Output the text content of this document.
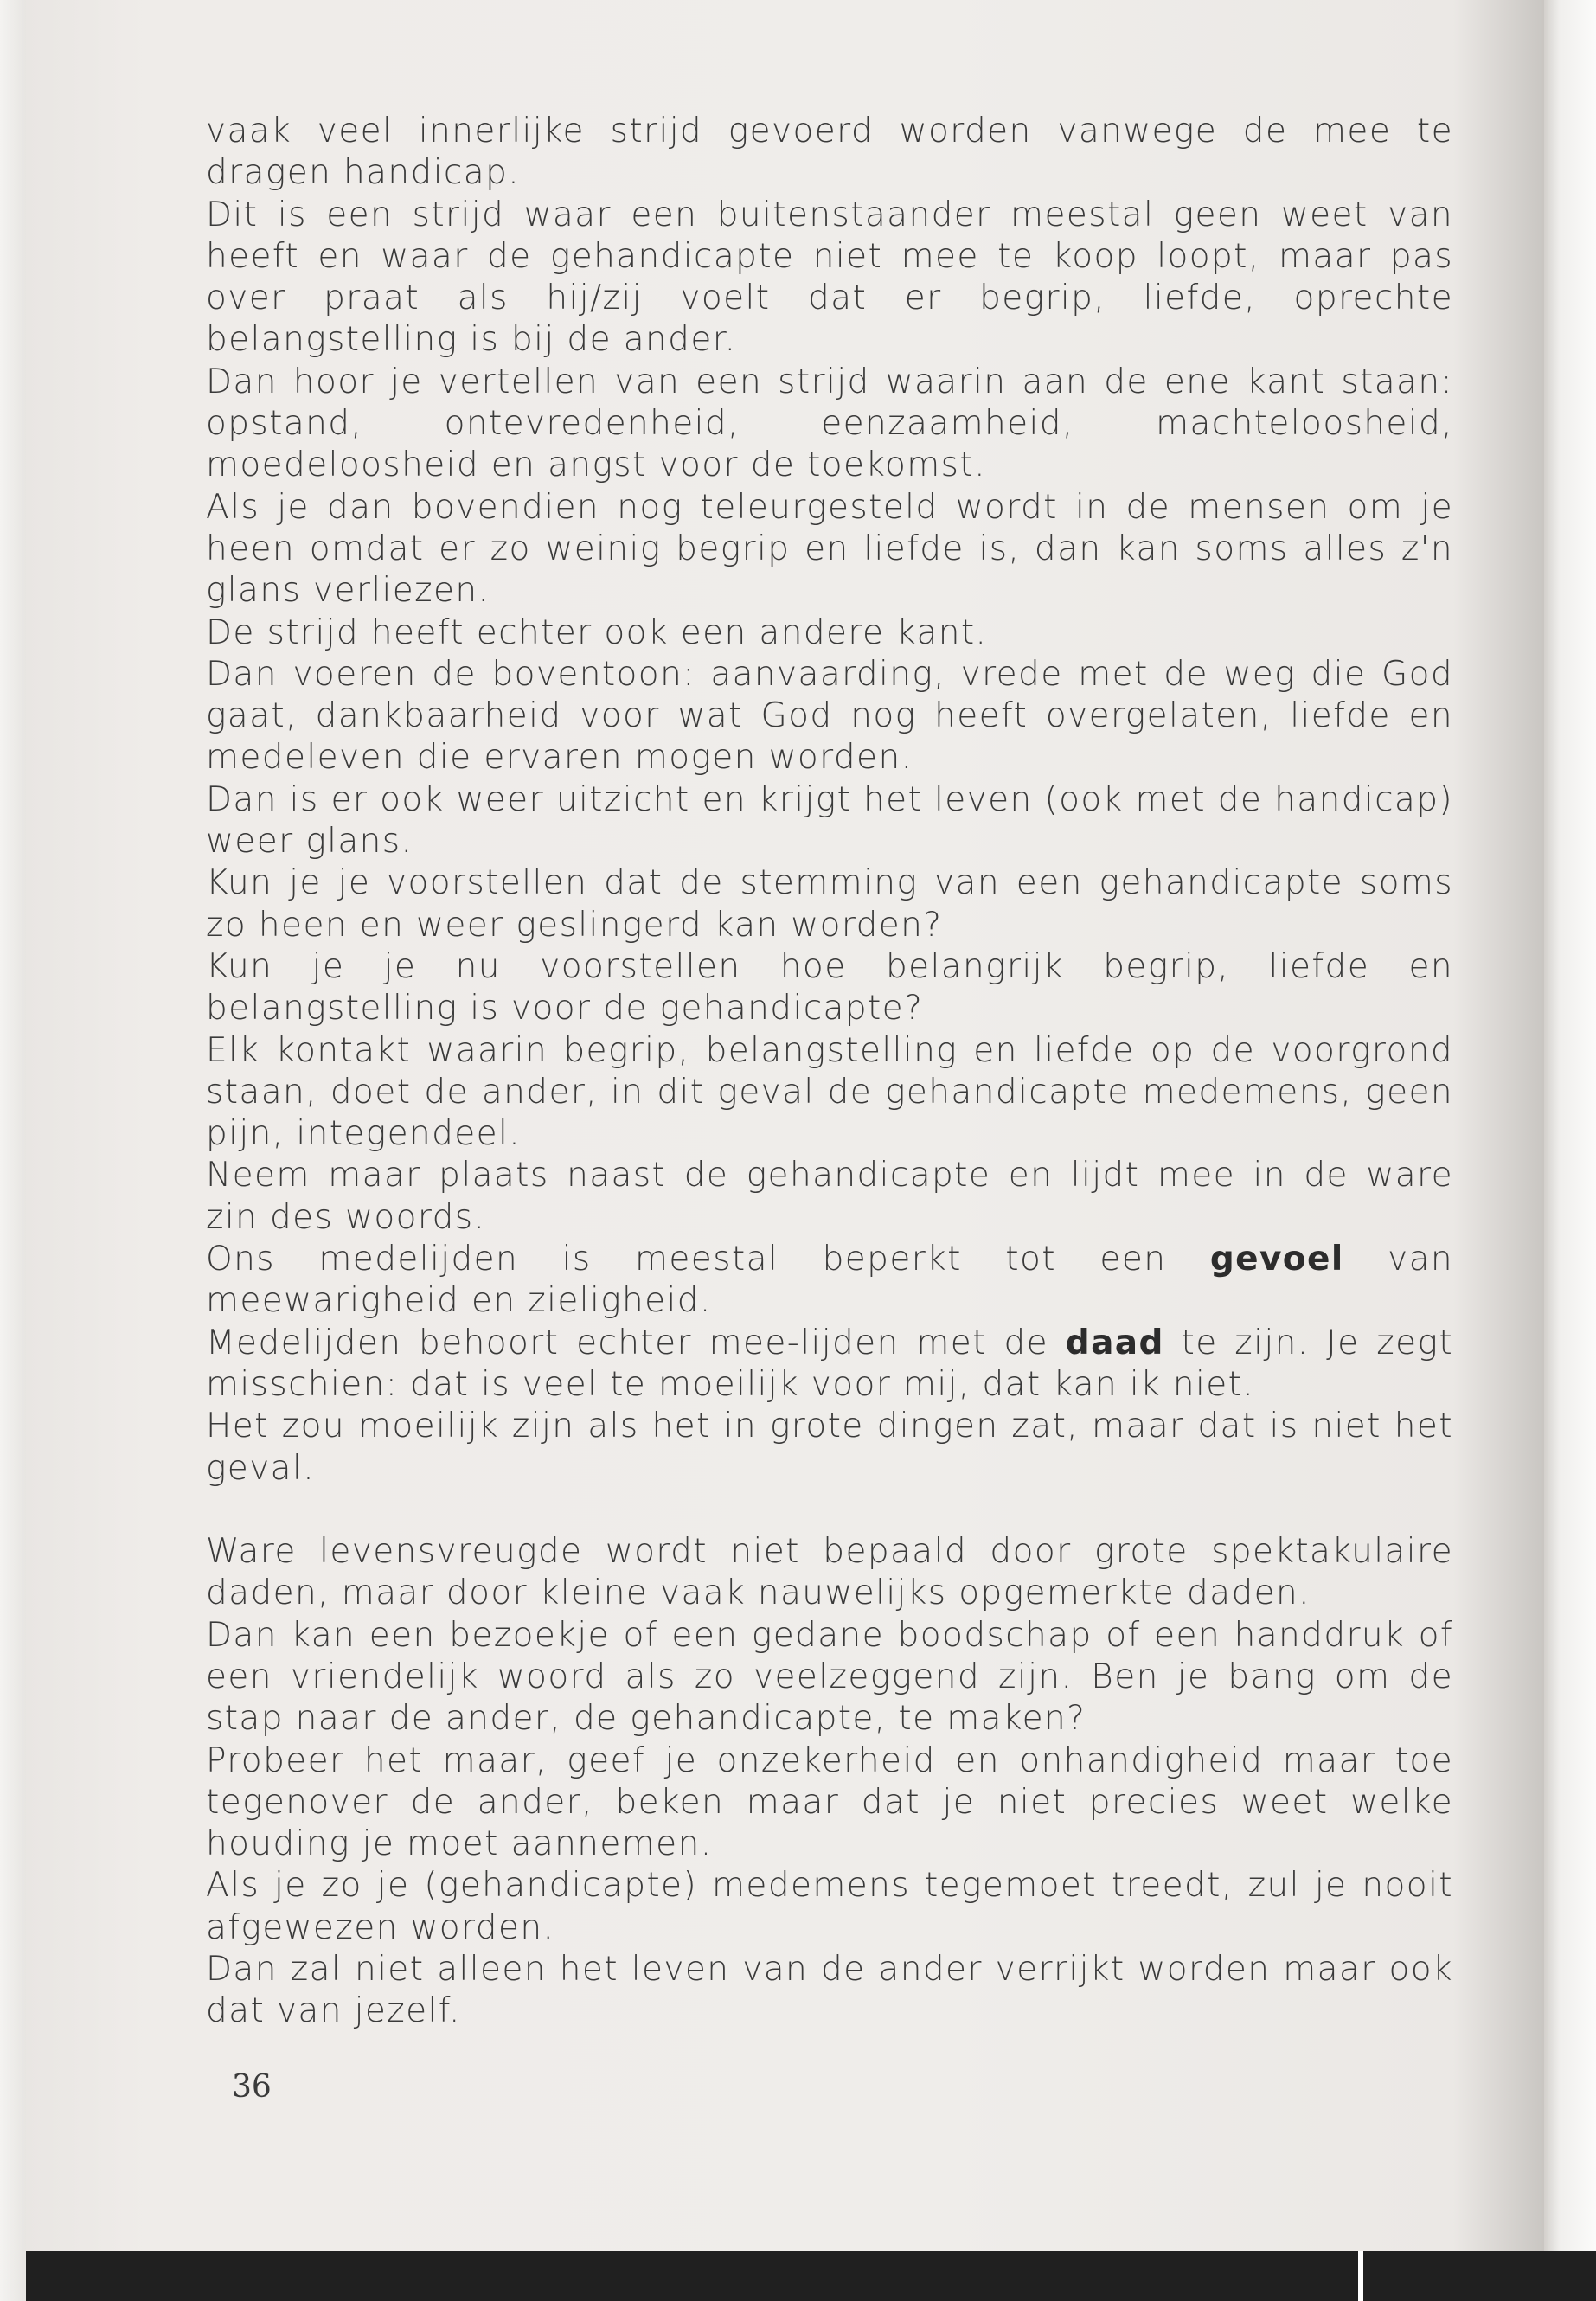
vaak veel innerlijke strijd gevoerd worden vanwege de mee te dragen handicap.

Dit is een strijd waar een buitenstaander meestal geen weet van heeft en waar de gehandicapte niet mee te koop loopt, maar pas over praat als hij/zij voelt dat er begrip, liefde, oprechte belangstelling is bij de ander.

Dan hoor je vertellen van een strijd waarin aan de ene kant staan: opstand, ontevredenheid, eenzaamheid, machteloosheid, moedeloosheid en angst voor de toekomst.

Als je dan bovendien nog teleurgesteld wordt in de mensen om je heen omdat er zo weinig begrip en liefde is, dan kan soms alles z'n glans verliezen.

De strijd heeft echter ook een andere kant.

Dan voeren de boventoon: aanvaarding, vrede met de weg die God gaat, dankbaarheid voor wat God nog heeft overgelaten, liefde en medeleven die ervaren mogen worden.

Dan is er ook weer uitzicht en krijgt het leven (ook met de handicap) weer glans.

Kun je je voorstellen dat de stemming van een gehandicapte soms zo heen en weer geslingerd kan worden?

Kun je je nu voorstellen hoe belangrijk begrip, liefde en belangstelling is voor de gehandicapte?

Elk kontakt waarin begrip, belangstelling en liefde op de voorgrond staan, doet de ander, in dit geval de gehandicapte medemens, geen pijn, integendeel.

Neem maar plaats naast de gehandicapte en lijdt mee in de ware zin des woords.

Ons medelijden is meestal beperkt tot een gevoel van meewarigheid en zieligheid.

Medelijden behoort echter mee-lijden met de daad te zijn. Je zegt misschien: dat is veel te moeilijk voor mij, dat kan ik niet.

Het zou moeilijk zijn als het in grote dingen zat, maar dat is niet het geval.

Ware levensvreugde wordt niet bepaald door grote spektakulaire daden, maar door kleine vaak nauwelijks opgemerkte daden.

Dan kan een bezoekje of een gedane boodschap of een handdruk of een vriendelijk woord als zo veelzeggend zijn. Ben je bang om de stap naar de ander, de gehandicapte, te maken?

Probeer het maar, geef je onzekerheid en onhandigheid maar toe tegenover de ander, beken maar dat je niet precies weet welke houding je moet aannemen.

Als je zo je (gehandicapte) medemens tegemoet treedt, zul je nooit afgewezen worden.

Dan zal niet alleen het leven van de ander verrijkt worden maar ook dat van jezelf.

36
